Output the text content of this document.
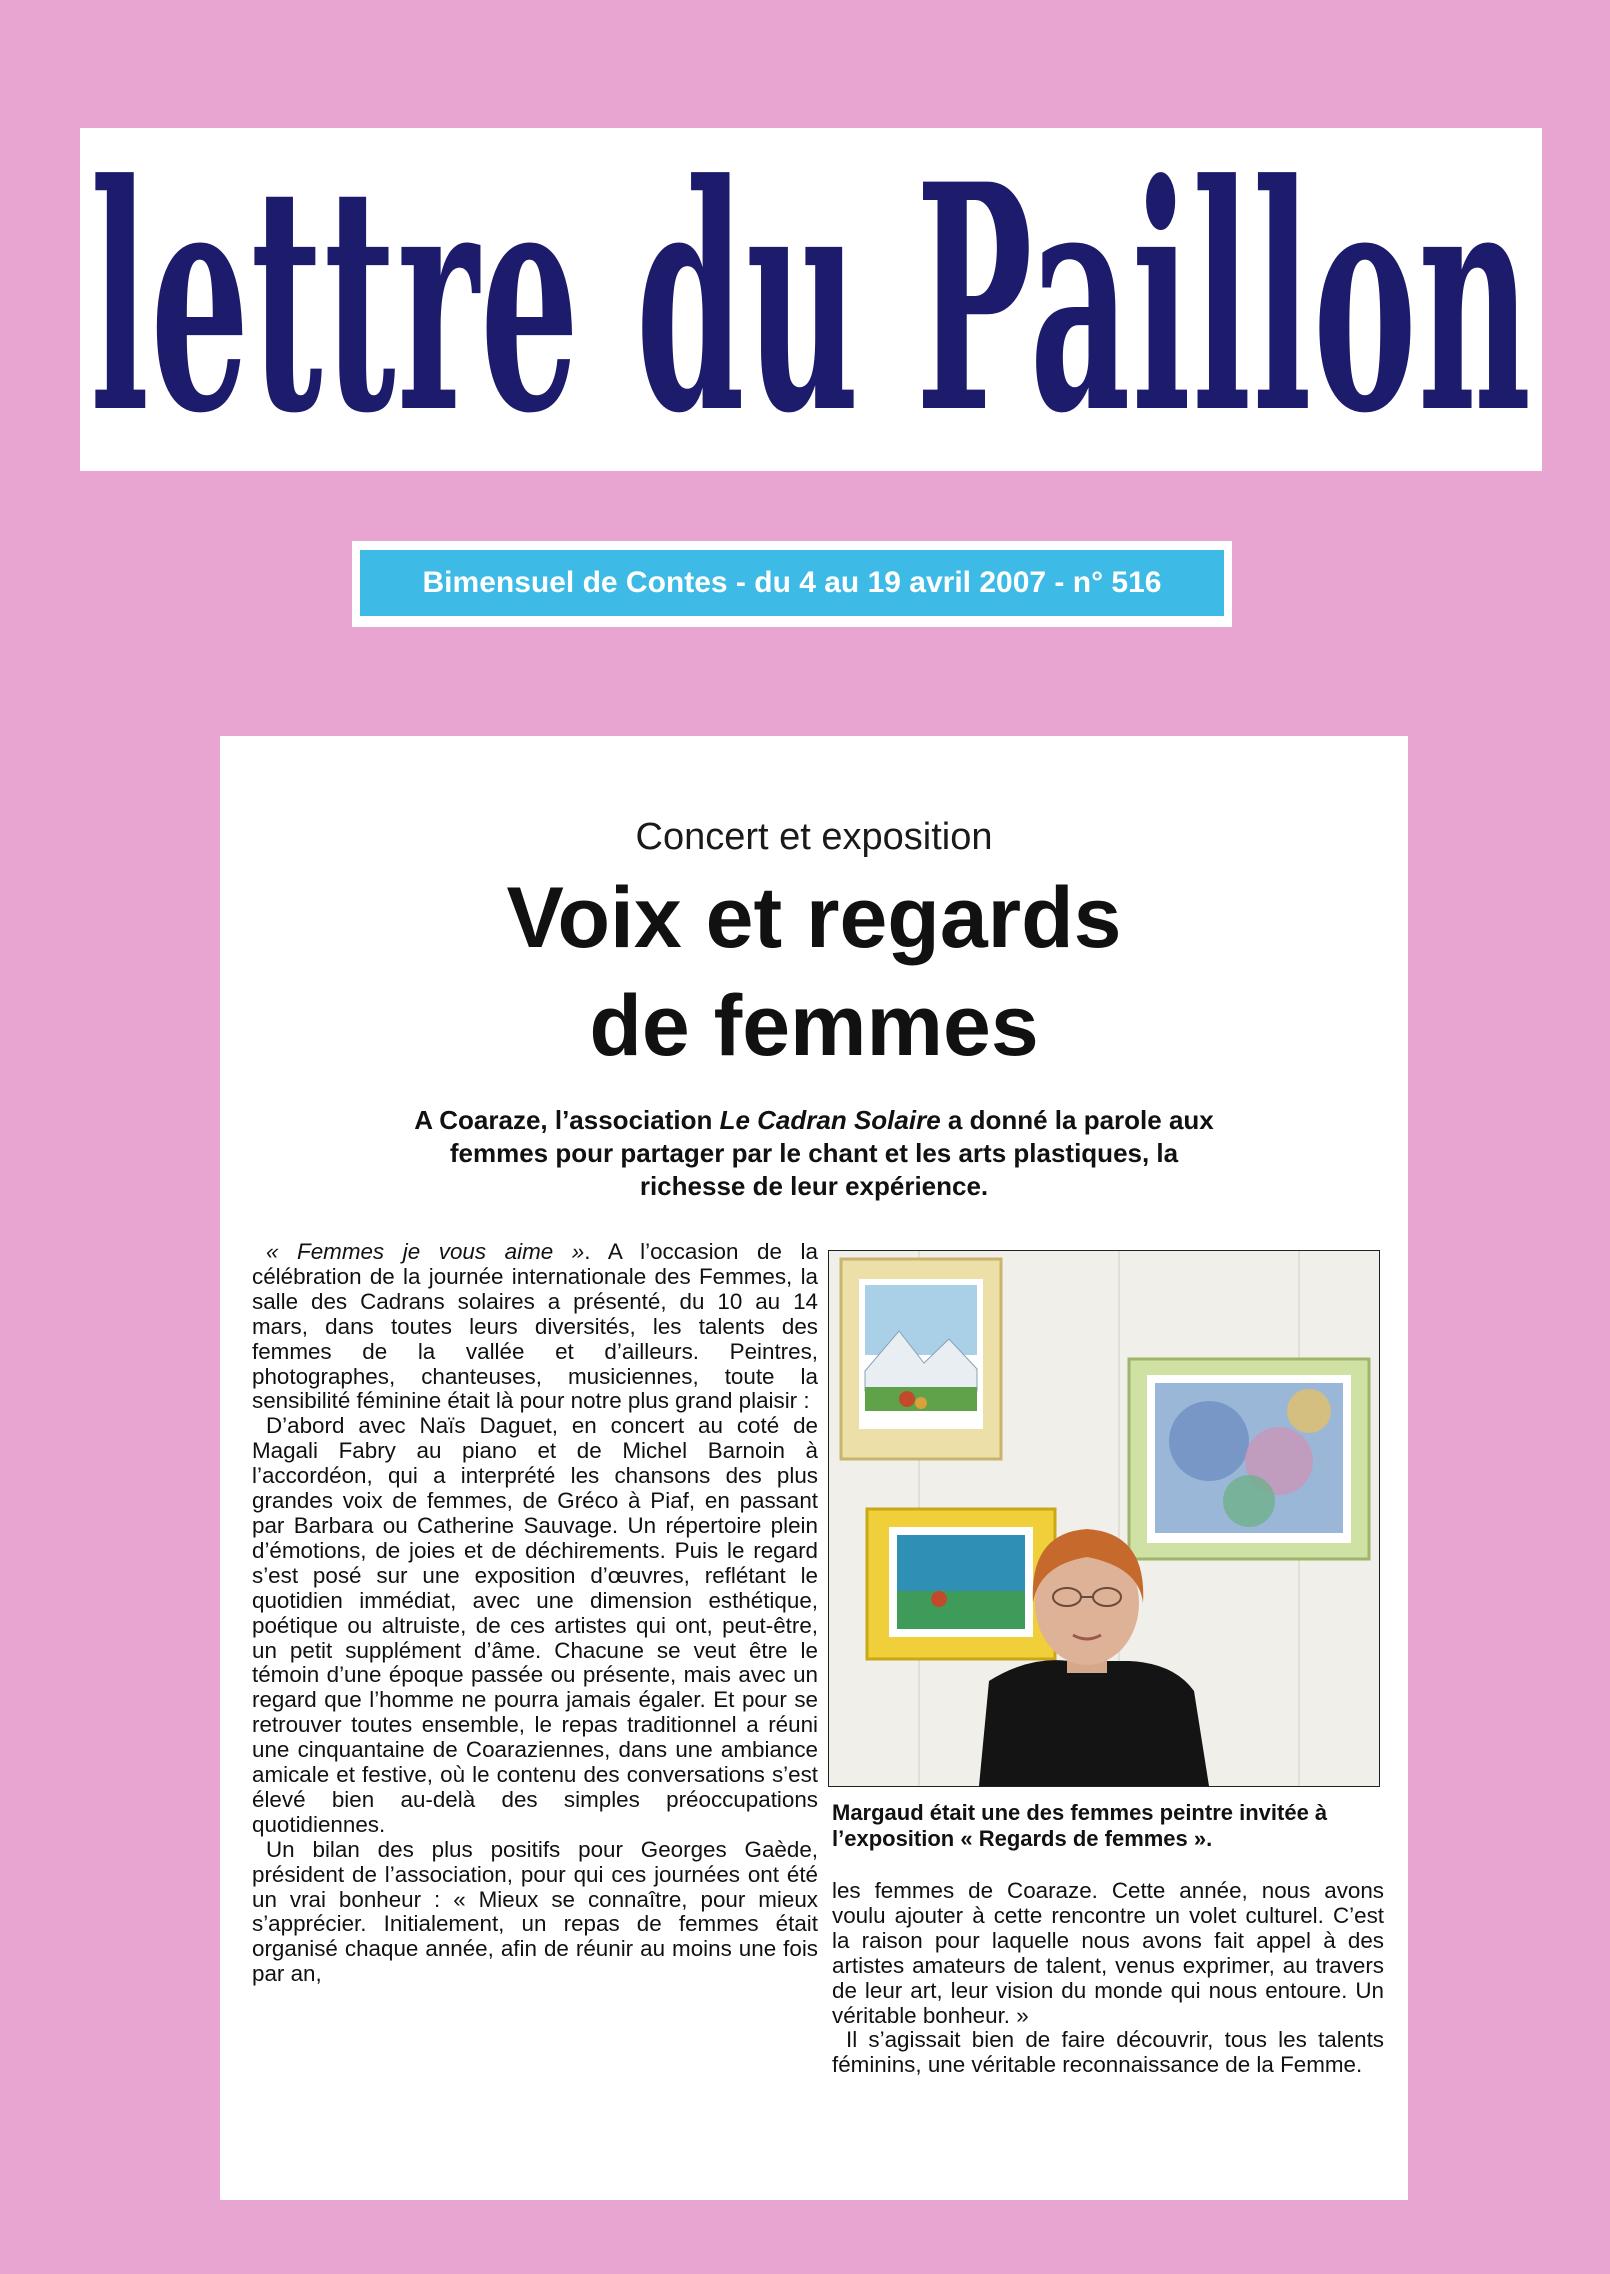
lettre du Paillon
Bimensuel de Contes - du 4 au 19 avril 2007 - n° 516
Concert et exposition
Voix et regards
de femmes
A Coaraze, l’association Le Cadran Solaire a donné la parole aux femmes pour partager par le chant et les arts plastiques, la richesse de leur expérience.

« Femmes je vous aime ». A l’occasion de la célébration de la journée internationale des Femmes, la salle des Cadrans solaires a présenté, du 10 au 14 mars, dans toutes leurs diversités, les talents des femmes de la vallée et d’ailleurs. Peintres, photographes, chanteuses, musiciennes, toute la sensibilité féminine était là pour notre plus grand plaisir :

D’abord avec Naïs Daguet, en concert au coté de Magali Fabry au piano et de Michel Barnoin à l’accordéon, qui a interprété les chansons des plus grandes voix de femmes, de Gréco à Piaf, en passant par Barbara ou Catherine Sauvage. Un répertoire plein d’émotions, de joies et de déchirements. Puis le regard s’est posé sur une exposition d’œuvres, reflétant le quotidien immédiat, avec une dimension esthétique, poétique ou altruiste, de ces artistes qui ont, peut-être, un petit supplément d’âme. Chacune se veut être le témoin d’une époque passée ou présente, mais avec un regard que l’homme ne pourra jamais égaler. Et pour se retrouver toutes ensemble, le repas traditionnel a réuni une cinquantaine de Coaraziennes, dans une ambiance amicale et festive, où le contenu des conversations s’est élevé bien au-delà des simples préoccupations quotidiennes.

Un bilan des plus positifs pour Georges Gaède, président de l’association, pour qui ces journées ont été un vrai bonheur : « Mieux se connaître, pour mieux s’apprécier. Initialement, un repas de femmes était organisé chaque année, afin de réunir au moins une fois par an,

Margaud était une des femmes peintre invitée à l’exposition « Regards de femmes ».

les femmes de Coaraze. Cette année, nous avons voulu ajouter à cette rencontre un volet culturel. C’est la raison pour laquelle nous avons fait appel à des artistes amateurs de talent, venus exprimer, au travers de leur art, leur vision du monde qui nous entoure. Un véritable bonheur. »

Il s’agissait bien de faire découvrir, tous les talents féminins, une véritable reconnaissance de la Femme.
